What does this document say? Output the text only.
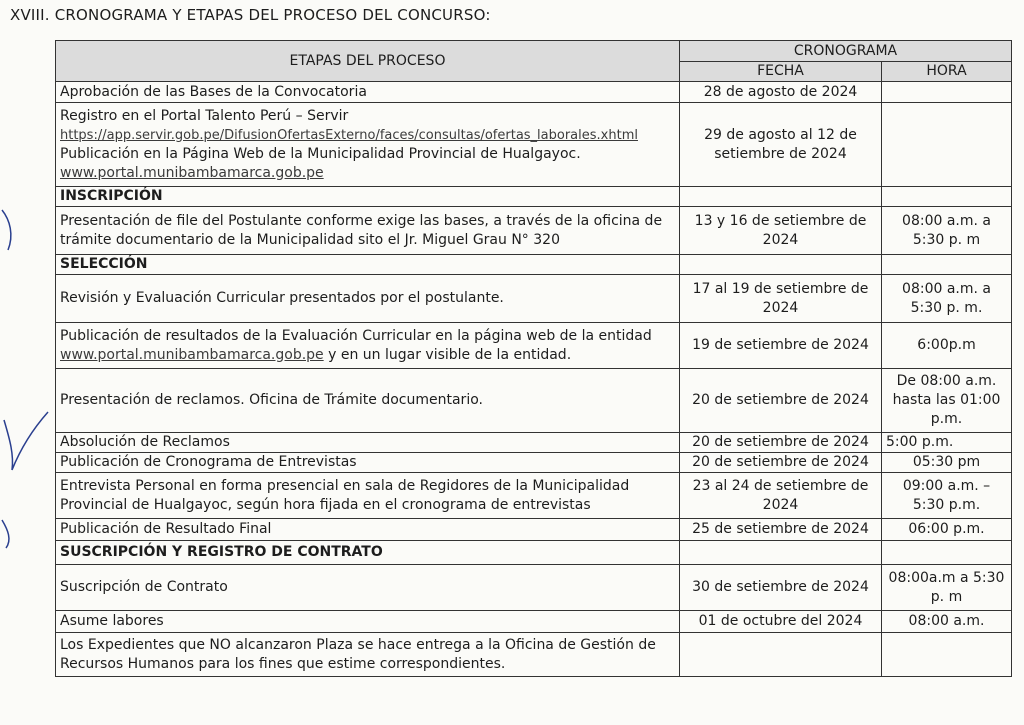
XVIII. CRONOGRAMA Y ETAPAS DEL PROCESO DEL CONCURSO:
ETAPAS DEL PROCESO	CRONOGRAMA	
	FECHA	HORA
Aprobación de las Bases de la Convocatoria	28 de agosto de 2024	

Registro en el Portal Talento Perú – Servir
https://app.servir.gob.pe/DifusionOfertasExterno/faces/consultas/ofertas_laborales.xhtml
Publicación en la Página Web de la Municipalidad Provincial de Hualgayoc.
www.portal.munibambamarca.gob.pe	29 de agosto al 12 de setiembre de 2024	
INSCRIPCIÓN		
Presentación de file del Postulante conforme exige las bases, a través de la oficina de trámite documentario de la Municipalidad sito el Jr. Miguel Grau N° 320	13 y 16 de setiembre de 2024	08:00 a.m. a 5:30 p. m
SELECCIÓN		
Revisión y Evaluación Curricular presentados por el postulante.	17 al 19 de setiembre de 2024	08:00 a.m. a 5:30 p. m.
Publicación de resultados de la Evaluación Curricular en la página web de la entidad
www.portal.munibambamarca.gob.pe y en un lugar visible de la entidad.	19 de setiembre de 2024	6:00p.m
Presentación de reclamos. Oficina de Trámite documentario.	20 de setiembre de 2024	De 08:00 a.m. hasta las 01:00 p.m.
Absolución de Reclamos	20 de setiembre de 2024	5:00 p.m.
Publicación de Cronograma de Entrevistas	20 de setiembre de 2024	05:30 pm
Entrevista Personal en forma presencial en sala de Regidores de la Municipalidad Provincial de Hualgayoc, según hora fijada en el cronograma de entrevistas	23 al 24 de setiembre de 2024	09:00 a.m. – 5:30 p.m.
Publicación de Resultado Final	25 de setiembre de 2024	06:00 p.m.
SUSCRIPCIÓN Y REGISTRO DE CONTRATO		
Suscripción de Contrato	30 de setiembre de 2024	08:00a.m a 5:30 p. m
Asume labores	01 de octubre del 2024	08:00 a.m.
Los Expedientes que NO alcanzaron Plaza se hace entrega a la Oficina de Gestión de Recursos Humanos para los fines que estime correspondientes.		
